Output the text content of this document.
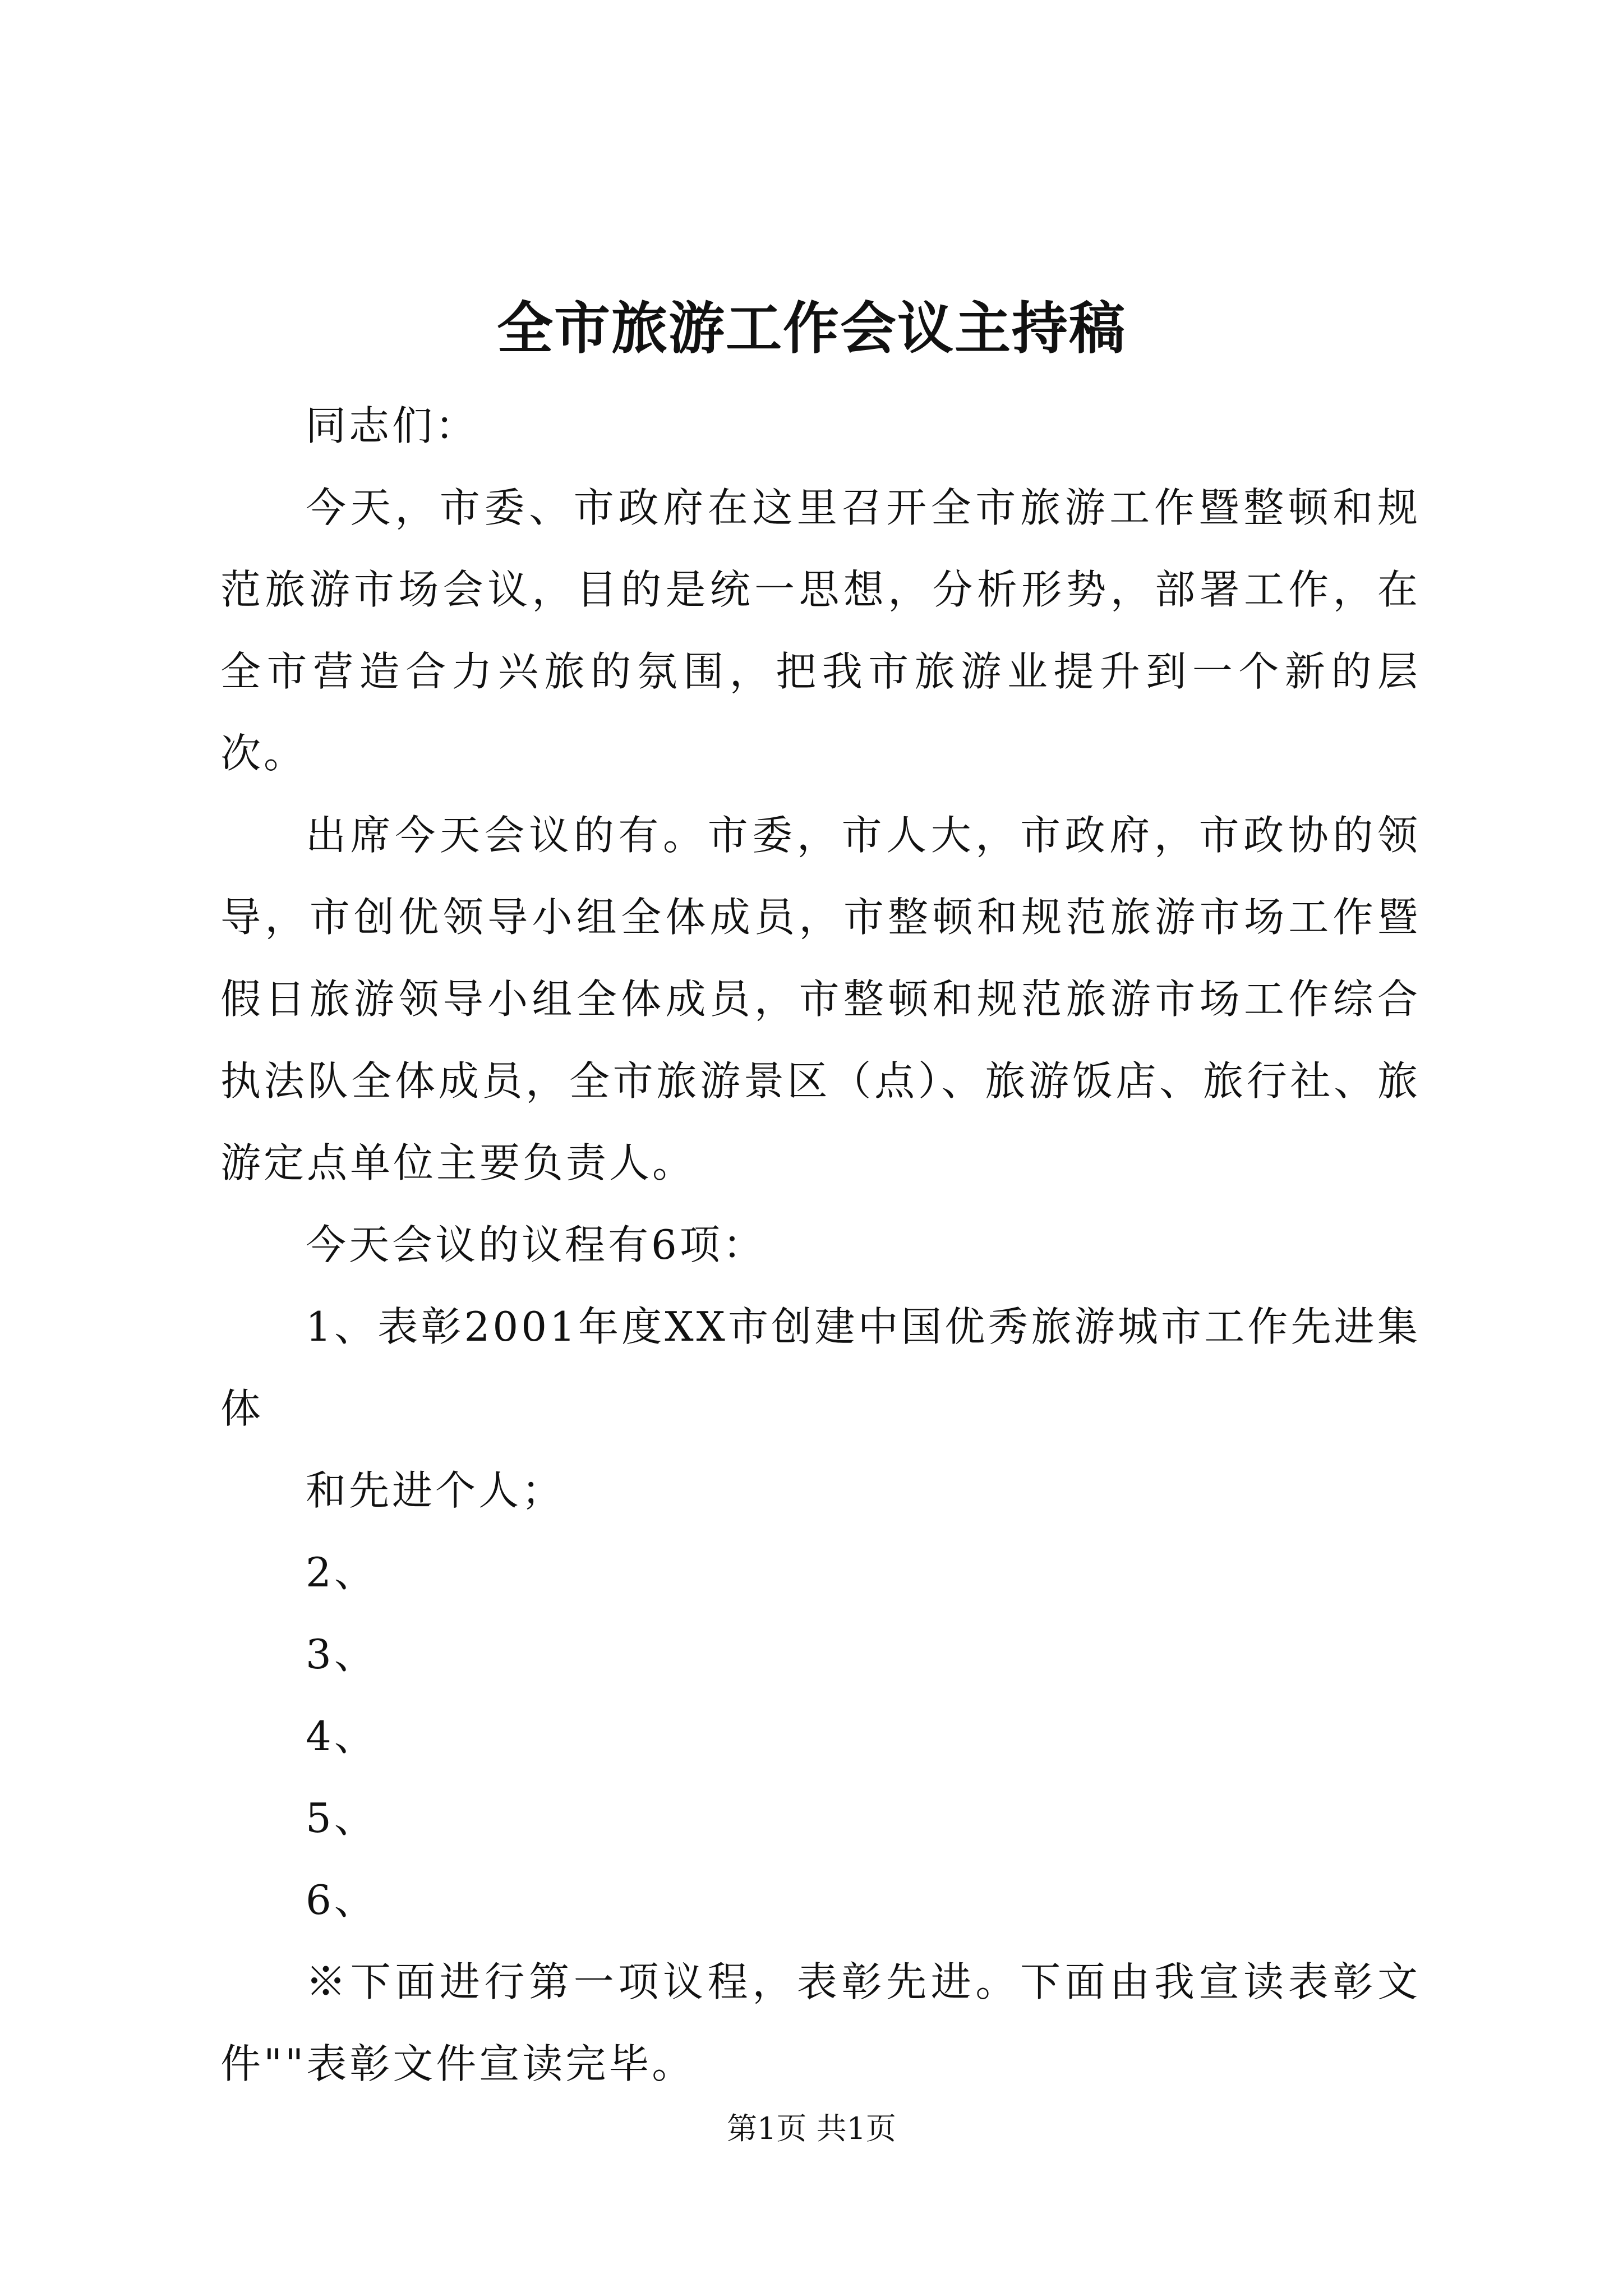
全市旅游工作会议主持稿

同志们：

今天，市委、市政府在这里召开全市旅游工作暨整顿和规范旅游市场会议，目的是统一思想，分析形势，部署工作，在全市营造合力兴旅的氛围，把我市旅游业提升到一个新的层次。

出席今天会议的有。市委，市人大，市政府，市政协的领导，市创优领导小组全体成员，市整顿和规范旅游市场工作暨假日旅游领导小组全体成员，市整顿和规范旅游市场工作综合执法队全体成员，全市旅游景区（点）、旅游饭店、旅行社、旅游定点单位主要负责人。

今天会议的议程有6项：

1、表彰2001年度XX市创建中国优秀旅游城市工作先进集体

和先进个人；

2、

3、

4、

5、

6、

※下面进行第一项议程，表彰先进。下面由我宣读表彰文件""表彰文件宣读完毕。

第1页 共1页
